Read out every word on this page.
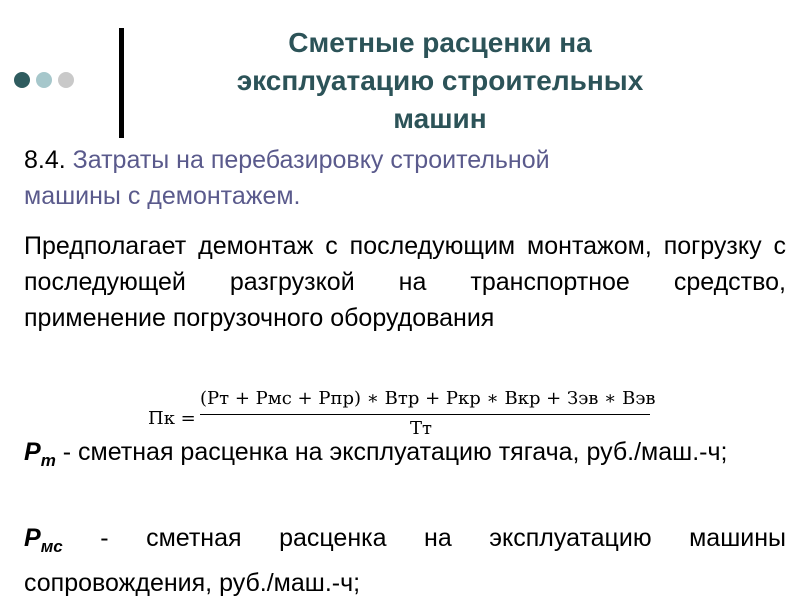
Сметные расценки на
эксплуатацию строительных
машин
8.4. Затраты на перебазировку строительной
машины с демонтажем.
Предполагает демонтаж с последующим монтажом, погрузку с последующей разгрузкой на транспортное средство, применение погрузочного оборудования
Пк =
(Рт + Рмс + Рпр) ∗ Втр + Ркр ∗ Вкр + Зэв ∗ Вэв
Тт
$Р_т$ - сметная расценка на эксплуатацию тягача, руб./маш.-ч;
$Р_{мс}$ - сметная расценка на эксплуатацию машины сопровождения, руб./маш.-ч;
